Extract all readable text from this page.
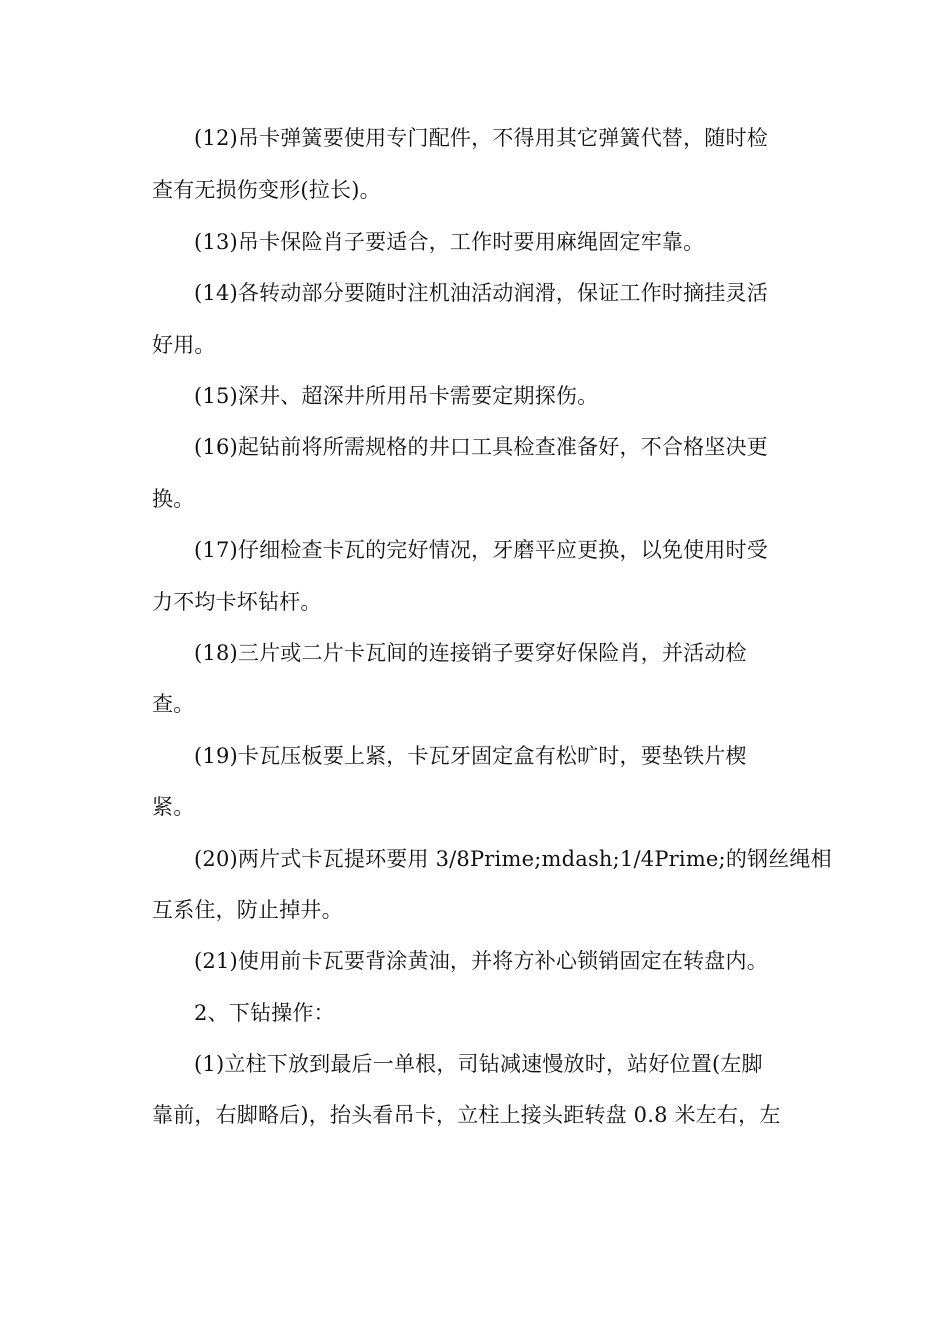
(12)吊卡弹簧要使用专门配件，不得用其它弹簧代替，随时检
查有无损伤变形(拉长)。
(13)吊卡保险肖子要适合，工作时要用麻绳固定牢靠。
(14)各转动部分要随时注机油活动润滑，保证工作时摘挂灵活
好用。
(15)深井、超深井所用吊卡需要定期探伤。
(16)起钻前将所需规格的井口工具检查准备好，不合格坚决更
换。
(17)仔细检查卡瓦的完好情况，牙磨平应更换，以免使用时受
力不均卡坏钻杆。
(18)三片或二片卡瓦间的连接销子要穿好保险肖，并活动检
查。
(19)卡瓦压板要上紧，卡瓦牙固定盒有松旷时，要垫铁片楔
紧。
(20)两片式卡瓦提环要用 3/8Prime;mdash;1/4Prime;的钢丝绳相
互系住，防止掉井。
(21)使用前卡瓦要背涂黄油，并将方补心锁销固定在转盘内。
2、下钻操作：
(1)立柱下放到最后一单根，司钻减速慢放时，站好位置(左脚
靠前，右脚略后)，抬头看吊卡，立柱上接头距转盘 0.8 米左右，左
